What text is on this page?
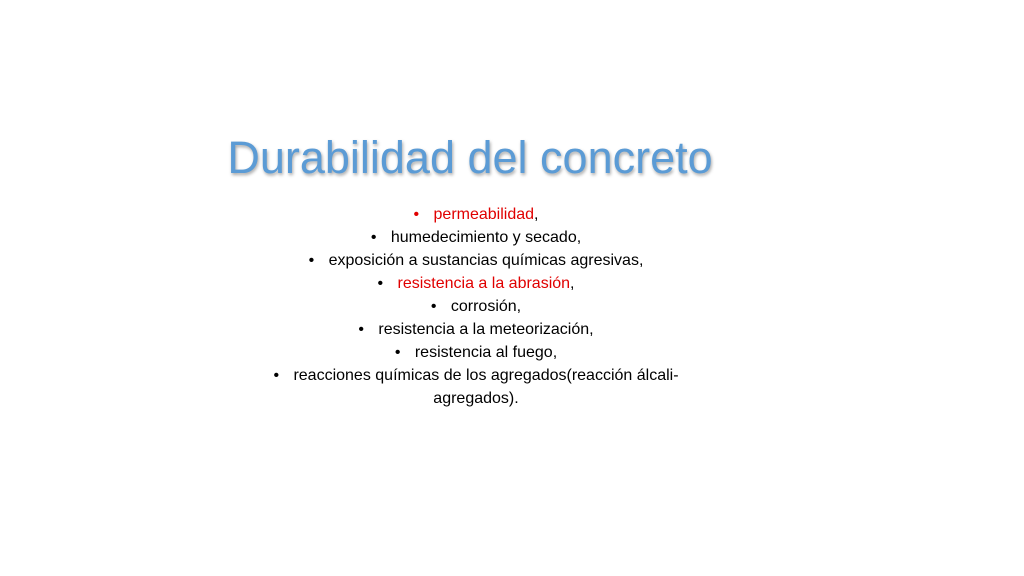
Durabilidad del concreto
• permeabilidad,
• humedecimiento y secado,
• exposición a sustancias químicas agresivas,
• resistencia a la abrasión,
• corrosión,
• resistencia a la meteorización,
• resistencia al fuego,
• reacciones químicas de los agregados(reacción álcali-
agregados).
